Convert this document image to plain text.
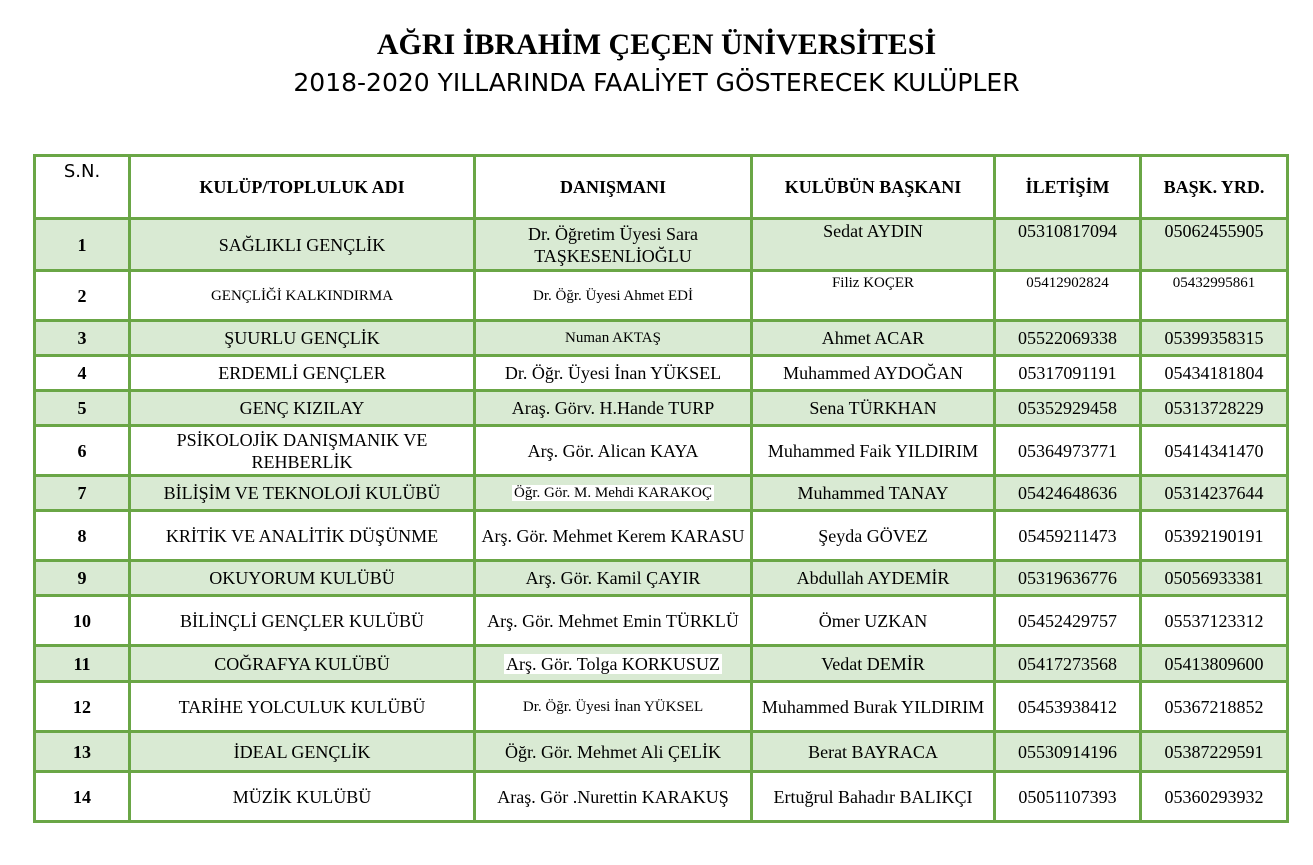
AĞRI İBRAHİM ÇEÇEN ÜNİVERSİTESİ
2018-2020 YILLARINDA FAALİYET GÖSTERECEK KULÜPLER
S.N.	KULÜP/TOPLULUK ADI	DANIŞMANI	KULÜBÜN BAŞKANI	İLETİŞİM	BAŞK. YRD.
1	SAĞLIKLI GENÇLİK	Dr. Öğretim Üyesi Sara TAŞKESENLİOĞLU	Sedat AYDIN	05310817094	05062455905
2	GENÇLİĞİ KALKINDIRMA	Dr. Öğr. Üyesi Ahmet EDİ	Filiz KOÇER	05412902824	05432995861
3	ŞUURLU GENÇLİK	Numan AKTAŞ	Ahmet ACAR	05522069338	05399358315
4	ERDEMLİ GENÇLER	Dr. Öğr. Üyesi İnan YÜKSEL	Muhammed AYDOĞAN	05317091191	05434181804
5	GENÇ KIZILAY	Araş. Görv. H.Hande TURP	Sena TÜRKHAN	05352929458	05313728229
6	PSİKOLOJİK DANIŞMANIK VE REHBERLİK	Arş. Gör. Alican KAYA	Muhammed Faik YILDIRIM	05364973771	05414341470
7	BİLİŞİM VE TEKNOLOJİ KULÜBÜ	Öğr. Gör. M. Mehdi KARAKOÇ	Muhammed TANAY	05424648636	05314237644
8	KRİTİK VE ANALİTİK DÜŞÜNME	Arş. Gör. Mehmet Kerem KARASU	Şeyda GÖVEZ	05459211473	05392190191
9	OKUYORUM KULÜBÜ	Arş. Gör. Kamil ÇAYIR	Abdullah AYDEMİR	05319636776	05056933381
10	BİLİNÇLİ GENÇLER KULÜBÜ	Arş. Gör. Mehmet Emin TÜRKLÜ	Ömer UZKAN	05452429757	05537123312
11	COĞRAFYA KULÜBÜ	Arş. Gör. Tolga KORKUSUZ	Vedat DEMİR	05417273568	05413809600
12	TARİHE YOLCULUK KULÜBÜ	Dr. Öğr. Üyesi İnan YÜKSEL	Muhammed Burak YILDIRIM	05453938412	05367218852
13	İDEAL GENÇLİK	Öğr. Gör. Mehmet Ali ÇELİK	Berat BAYRACA	05530914196	05387229591
14	MÜZİK KULÜBÜ	Araş. Gör .Nurettin KARAKUŞ	Ertuğrul Bahadır BALIKÇI	05051107393	05360293932
